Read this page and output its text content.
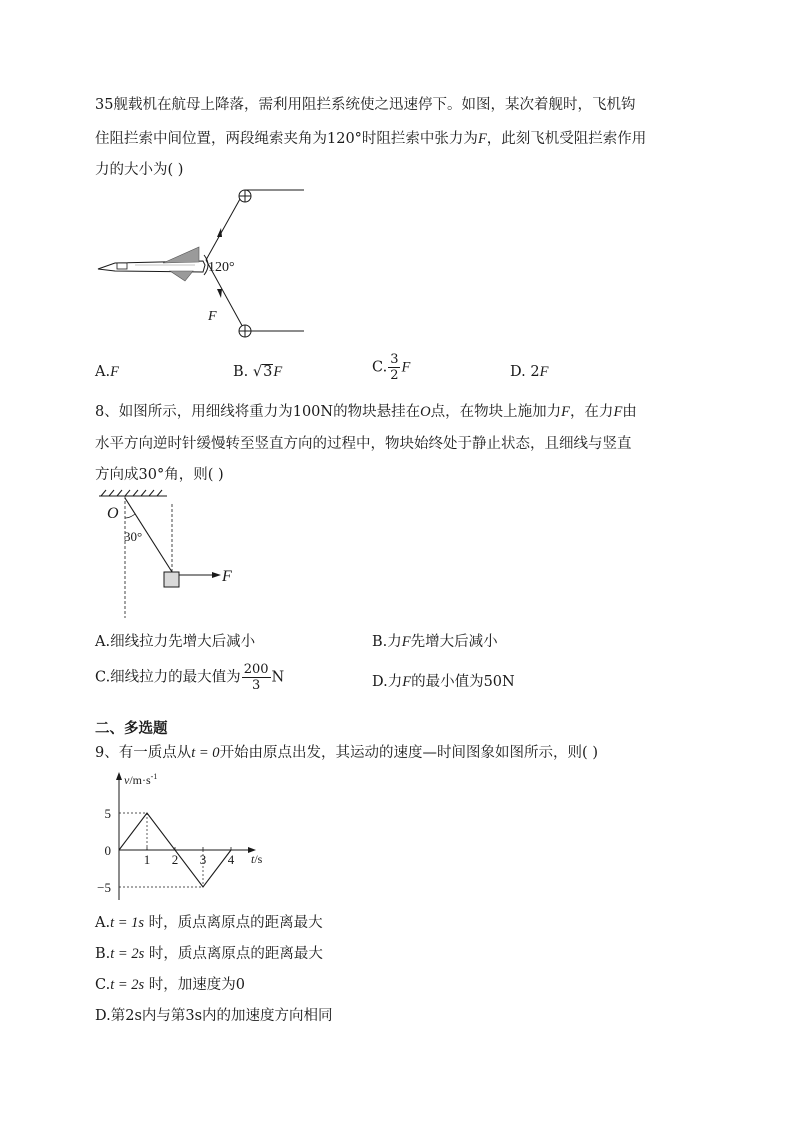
35舰载机在航母上降落，需利用阻拦系统使之迅速停下。如图，某次着舰时，飞机钩
住阻拦索中间位置，两段绳索夹角为120°时阻拦索中张力为F，此刻飞机受阻拦索作用
力的大小为( )
120°
F
A.F	B. √3F	C. $\frac{3}{2}$ F	D. 2F
8、如图所示，用细线将重力为100N的物块悬挂在O点，在物块上施加力F，在力F由
水平方向逆时针缓慢转至竖直方向的过程中，物块始终处于静止状态，且细线与竖直
方向成30°角，则( )
O
30°
F
A.细线拉力先增大后减小	B.力F先增大后减小
C.细线拉力的最大值为 $\frac{200}{3}$ N	D.力F的最小值为50N
二、多选题
9、有一质点从t = 0开始由原点出发，其运动的速度—时间图象如图所示，则( )
$v/m\cdot s^{-1}$
t/s
5
0
−5
1 2 3 4
A.t = 1s 时，质点离原点的距离最大
B.t = 2s 时，质点离原点的距离最大
C.t = 2s 时，加速度为0
D.第2s内与第3s内的加速度方向相同
